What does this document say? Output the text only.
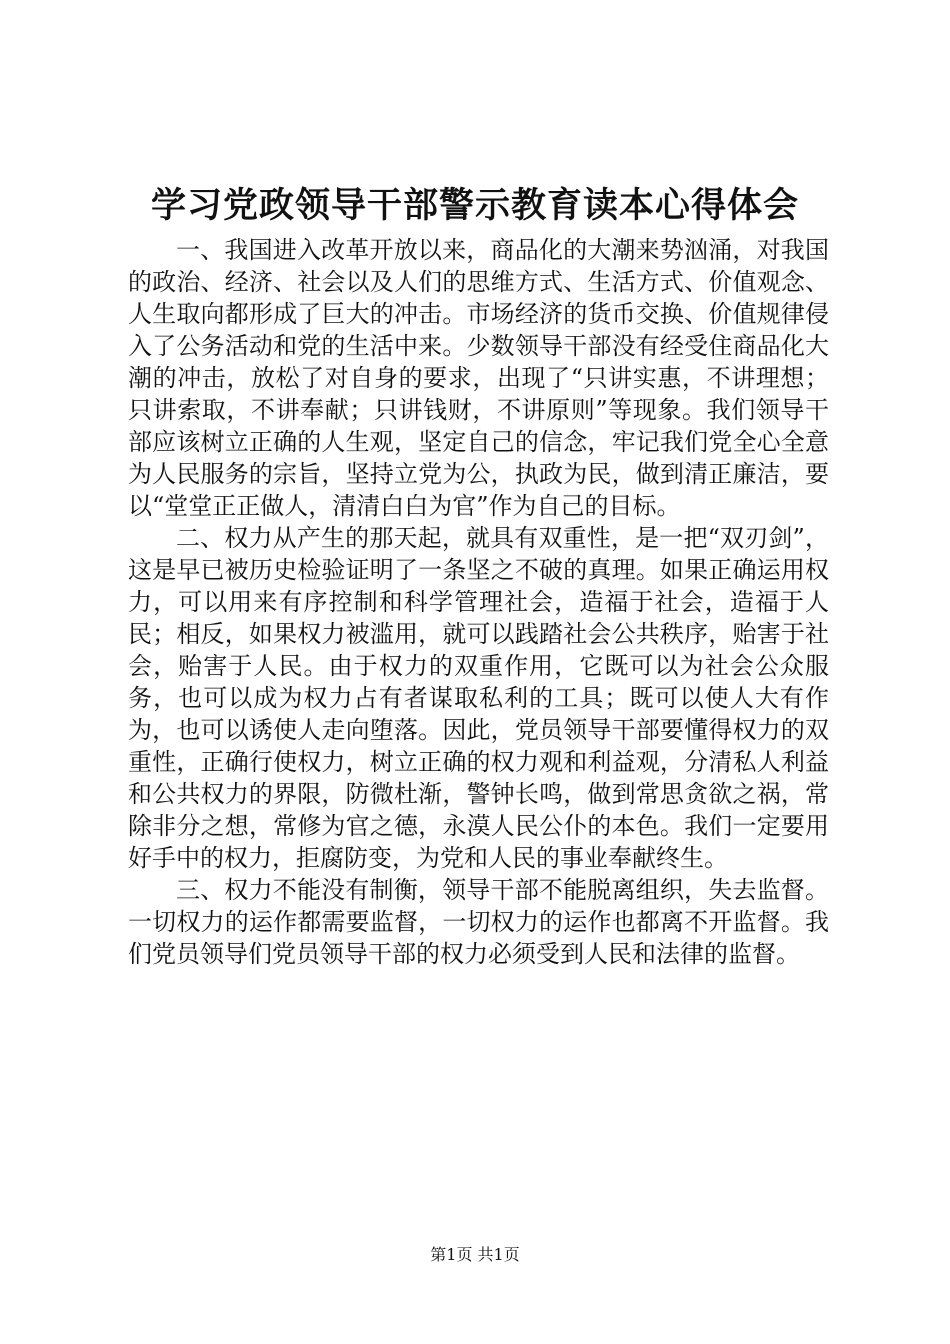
学习党政领导干部警示教育读本心得体会

一、我国进入改革开放以来，商品化的大潮来势汹涌，对我国的政治、经济、社会以及人们的思维方式、生活方式、价值观念、人生取向都形成了巨大的冲击。市场经济的货币交换、价值规律侵入了公务活动和党的生活中来。少数领导干部没有经受住商品化大潮的冲击，放松了对自身的要求，出现了“只讲实惠，不讲理想；只讲索取，不讲奉献；只讲钱财，不讲原则”等现象。我们领导干部应该树立正确的人生观，坚定自己的信念，牢记我们党全心全意为人民服务的宗旨，坚持立党为公，执政为民，做到清正廉洁，要以“堂堂正正做人，清清白白为官”作为自己的目标。

二、权力从产生的那天起，就具有双重性，是一把“双刃剑”，这是早已被历史检验证明了一条坚之不破的真理。如果正确运用权力，可以用来有序控制和科学管理社会，造福于社会，造福于人民；相反，如果权力被滥用，就可以践踏社会公共秩序，贻害于社会，贻害于人民。由于权力的双重作用，它既可以为社会公众服务，也可以成为权力占有者谋取私利的工具；既可以使人大有作为，也可以诱使人走向堕落。因此，党员领导干部要懂得权力的双重性，正确行使权力，树立正确的权力观和利益观，分清私人利益和公共权力的界限，防微杜渐，警钟长鸣，做到常思贪欲之祸，常除非分之想，常修为官之德，永漠人民公仆的本色。我们一定要用好手中的权力，拒腐防变，为党和人民的事业奉献终生。

三、权力不能没有制衡，领导干部不能脱离组织，失去监督。一切权力的运作都需要监督，一切权力的运作也都离不开监督。我们党员领导们党员领导干部的权力必须受到人民和法律的监督。

第1页 共1页
